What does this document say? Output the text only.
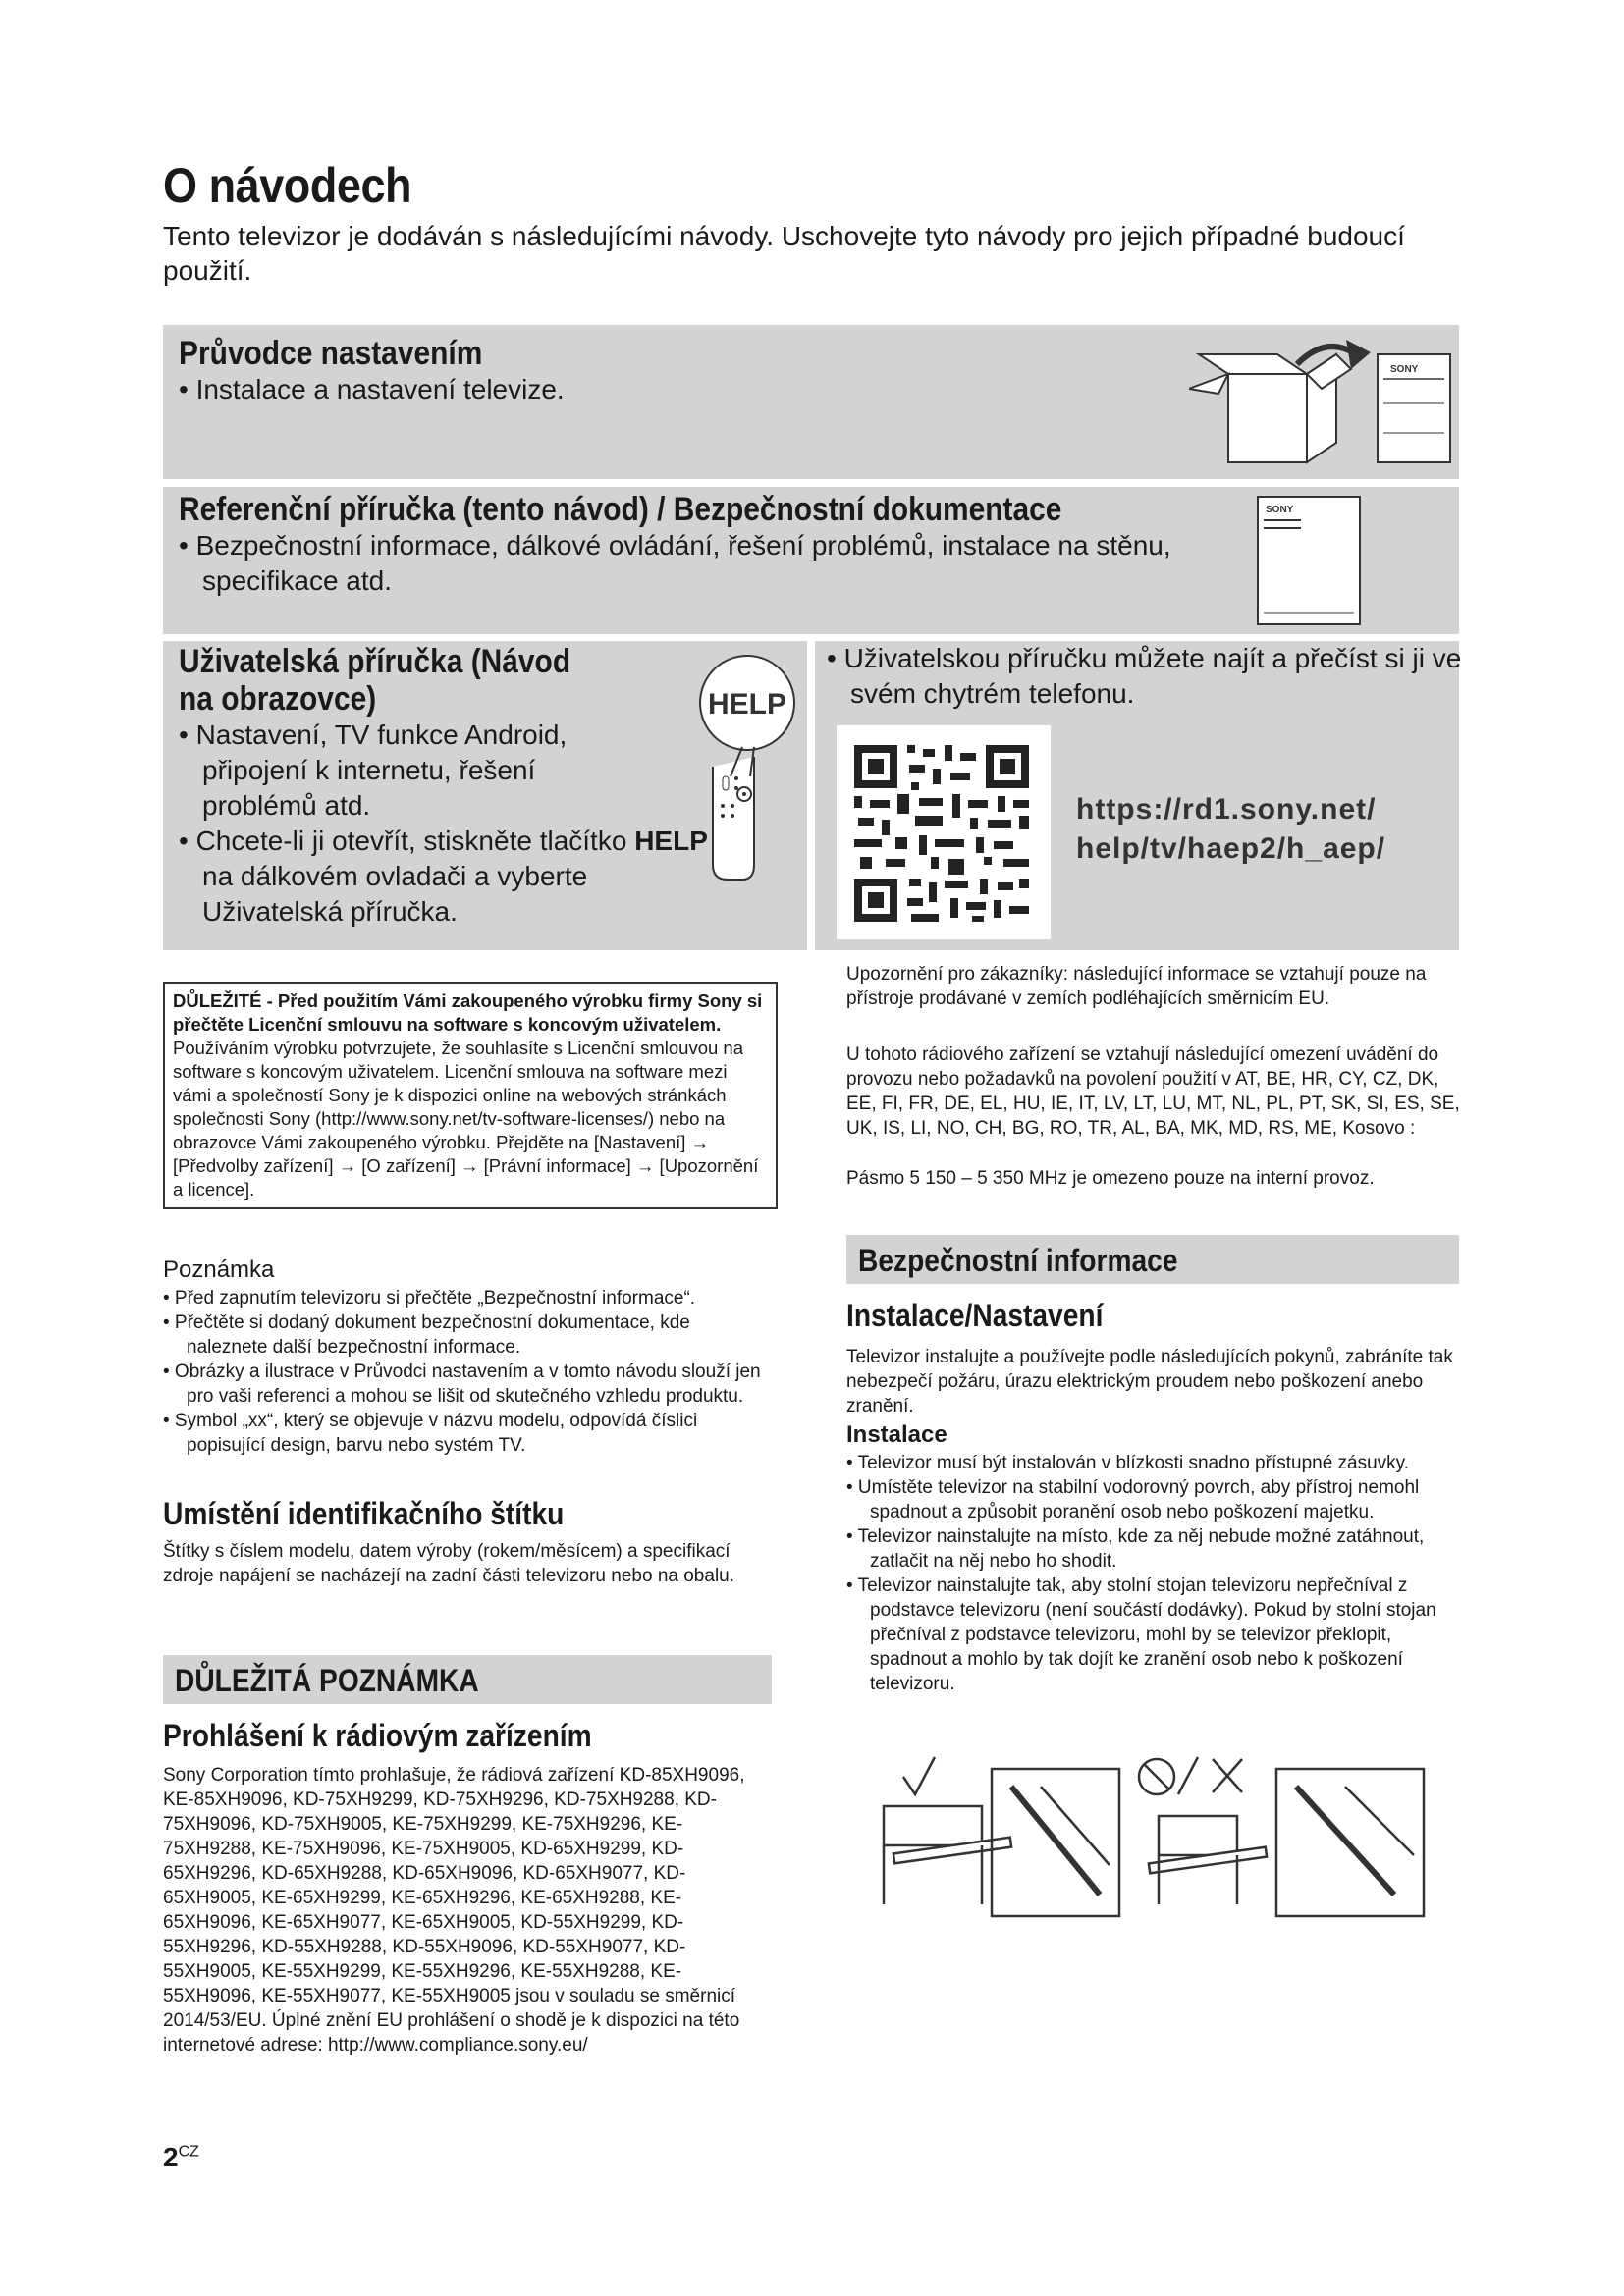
O návodech
Tento televizor je dodáván s následujícími návody. Uschovejte tyto návody pro jejich případné budoucí použití.
Průvodce nastavením
• Instalace a nastavení televize.
SONY
Referenční příručka (tento návod) / Bezpečnostní dokumentace
• Bezpečnostní informace, dálkové ovládání, řešení problémů, instalace na stěnu, specifikace atd.
SONY
Uživatelská příručka (Návod na obrazovce)
• Nastavení, TV funkce Android, připojení k internetu, řešení problémů atd.
• Chcete-li ji otevřít, stiskněte tlačítko HELP na dálkovém ovladači a vyberte Uživatelská příručka.
HELP
• Uživatelskou příručku můžete najít a přečíst si ji ve svém chytrém telefonu.
https://rd1.sony.net/ help/tv/haep2/h_aep/
DŮLEŽITÉ - Před použitím Vámi zakoupeného výrobku firmy Sony si přečtěte Licenční smlouvu na software s koncovým uživatelem. Používáním výrobku potvrzujete, že souhlasíte s Licenční smlouvou na software s koncovým uživatelem. Licenční smlouva na software mezi vámi a společností Sony je k dispozici online na webových stránkách společnosti Sony (http://www.sony.net/tv-software-licenses/) nebo na obrazovce Vámi zakoupeného výrobku. Přejděte na [Nastavení] → [Předvolby zařízení] → [O zařízení] → [Právní informace] → [Upozornění a licence].
Poznámka
• Před zapnutím televizoru si přečtěte „Bezpečnostní informace“.
• Přečtěte si dodaný dokument bezpečnostní dokumentace, kde naleznete další bezpečnostní informace.
• Obrázky a ilustrace v Průvodci nastavením a v tomto návodu slouží jen pro vaši referenci a mohou se lišit od skutečného vzhledu produktu.
• Symbol „xx“, který se objevuje v názvu modelu, odpovídá číslici popisující design, barvu nebo systém TV.
Umístění identifikačního štítku
Štítky s číslem modelu, datem výroby (rokem/měsícem) a specifikací zdroje napájení se nacházejí na zadní části televizoru nebo na obalu.
DŮLEŽITÁ POZNÁMKA
Prohlášení k rádiovým zařízením
Sony Corporation tímto prohlašuje, že rádiová zařízení KD-85XH9096, KE-85XH9096, KD-75XH9299, KD-75XH9296, KD-75XH9288, KD-75XH9096, KD-75XH9005, KE-75XH9299, KE-75XH9296, KE-75XH9288, KE-75XH9096, KE-75XH9005, KD-65XH9299, KD-65XH9296, KD-65XH9288, KD-65XH9096, KD-65XH9077, KD-65XH9005, KE-65XH9299, KE-65XH9296, KE-65XH9288, KE-65XH9096, KE-65XH9077, KE-65XH9005, KD-55XH9299, KD-55XH9296, KD-55XH9288, KD-55XH9096, KD-55XH9077, KD-55XH9005, KE-55XH9299, KE-55XH9296, KE-55XH9288, KE-55XH9096, KE-55XH9077, KE-55XH9005 jsou v souladu se směrnicí 2014/53/EU. Úplné znění EU prohlášení o shodě je k dispozici na této internetové adrese: http://www.compliance.sony.eu/
Upozornění pro zákazníky: následující informace se vztahují pouze na přístroje prodávané v zemích podléhajících směrnicím EU.
U tohoto rádiového zařízení se vztahují následující omezení uvádění do provozu nebo požadavků na povolení použití v AT, BE, HR, CY, CZ, DK, EE, FI, FR, DE, EL, HU, IE, IT, LV, LT, LU, MT, NL, PL, PT, SK, SI, ES, SE, UK, IS, LI, NO, CH, BG, RO, TR, AL, BA, MK, MD, RS, ME, Kosovo :
Pásmo 5 150 – 5 350 MHz je omezeno pouze na interní provoz.
Bezpečnostní informace
Instalace/Nastavení
Televizor instalujte a používejte podle následujících pokynů, zabráníte tak nebezpečí požáru, úrazu elektrickým proudem nebo poškození anebo zranění.
Instalace
• Televizor musí být instalován v blízkosti snadno přístupné zásuvky.
• Umístěte televizor na stabilní vodorovný povrch, aby přístroj nemohl spadnout a způsobit poranění osob nebo poškození majetku.
• Televizor nainstalujte na místo, kde za něj nebude možné zatáhnout, zatlačit na něj nebo ho shodit.
• Televizor nainstalujte tak, aby stolní stojan televizoru nepřečníval z podstavce televizoru (není součástí dodávky). Pokud by stolní stojan přečníval z podstavce televizoru, mohl by se televizor překlopit, spadnout a mohlo by tak dojít ke zranění osob nebo k poškození televizoru.
$2^{CZ}$
